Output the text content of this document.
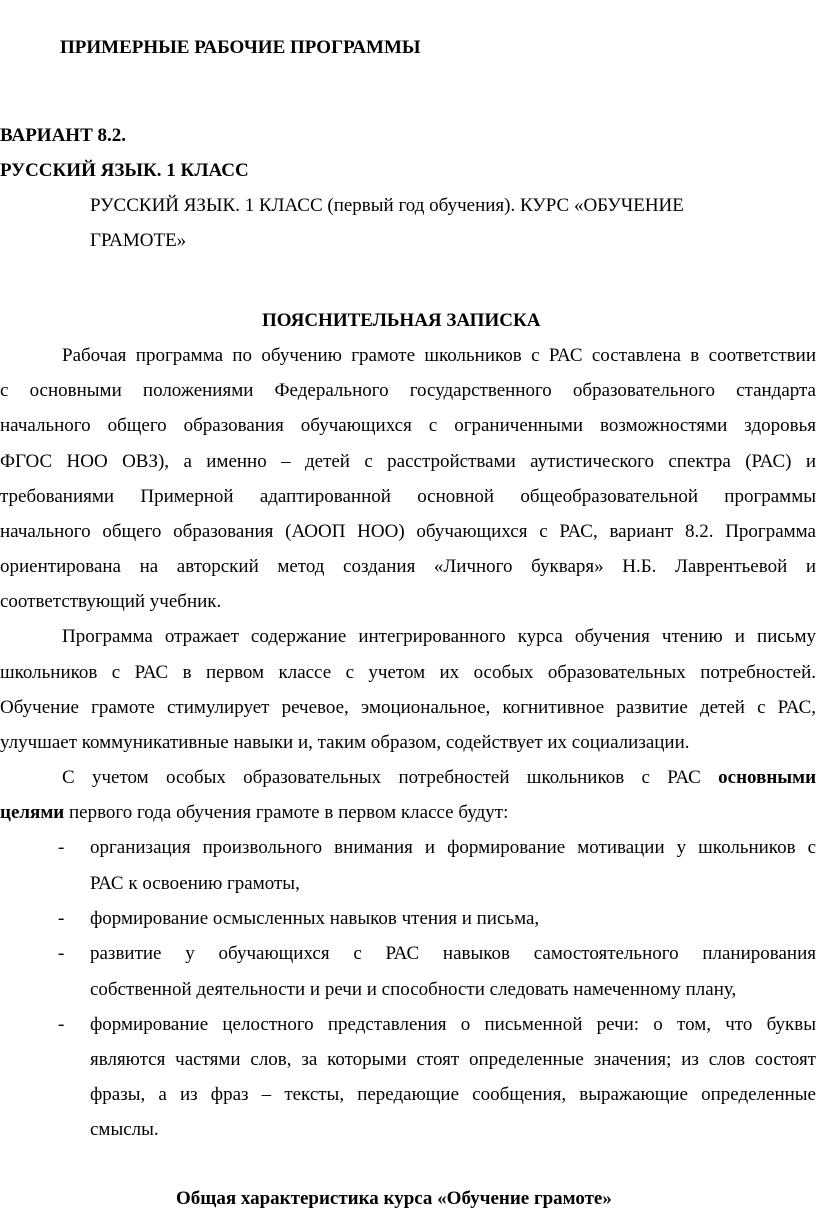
ПРИМЕРНЫЕ РАБОЧИЕ ПРОГРАММЫ
ВАРИАНТ 8.2.
РУССКИЙ ЯЗЫК. 1 КЛАСС
РУССКИЙ ЯЗЫК. 1 КЛАСС (первый год обучения). КУРС «ОБУЧЕНИЕ
ГРАМОТЕ»
ПОЯСНИТЕЛЬНАЯ ЗАПИСКА
Рабочая программа по обучению грамоте школьников с РАС составлена в соответствии
с основными положениями Федерального государственного образовательного стандарта
начального общего образования обучающихся с ограниченными возможностями здоровья
ФГОС НОО ОВЗ), а именно – детей с расстройствами аутистического спектра (РАС) и
требованиями Примерной адаптированной основной общеобразовательной программы
начального общего образования (АООП НОО) обучающихся с РАС, вариант 8.2. Программа
ориентирована на авторский метод создания «Личного букваря» Н.Б. Лаврентьевой и
соответствующий учебник.
Программа отражает содержание интегрированного курса обучения чтению и письму
школьников с РАС в первом классе с учетом их особых образовательных потребностей.
Обучение грамоте стимулирует речевое, эмоциональное, когнитивное развитие детей с РАС,
улучшает коммуникативные навыки и, таким образом, содействует их социализации.
С учетом особых образовательных потребностей школьников с РАС основными
целями первого года обучения грамоте в первом классе будут:
- организация произвольного внимания и формирование мотивации у школьников с
РАС к освоению грамоты,
- формирование осмысленных навыков чтения и письма,
- развитие у обучающихся с РАС навыков самостоятельного планирования
собственной деятельности и речи и способности следовать намеченному плану,
- формирование целостного представления о письменной речи: о том, что буквы
являются частями слов, за которыми стоят определенные значения; из слов состоят
фразы, а из фраз – тексты, передающие сообщения, выражающие определенные
смыслы.
Общая характеристика курса «Обучение грамоте»
